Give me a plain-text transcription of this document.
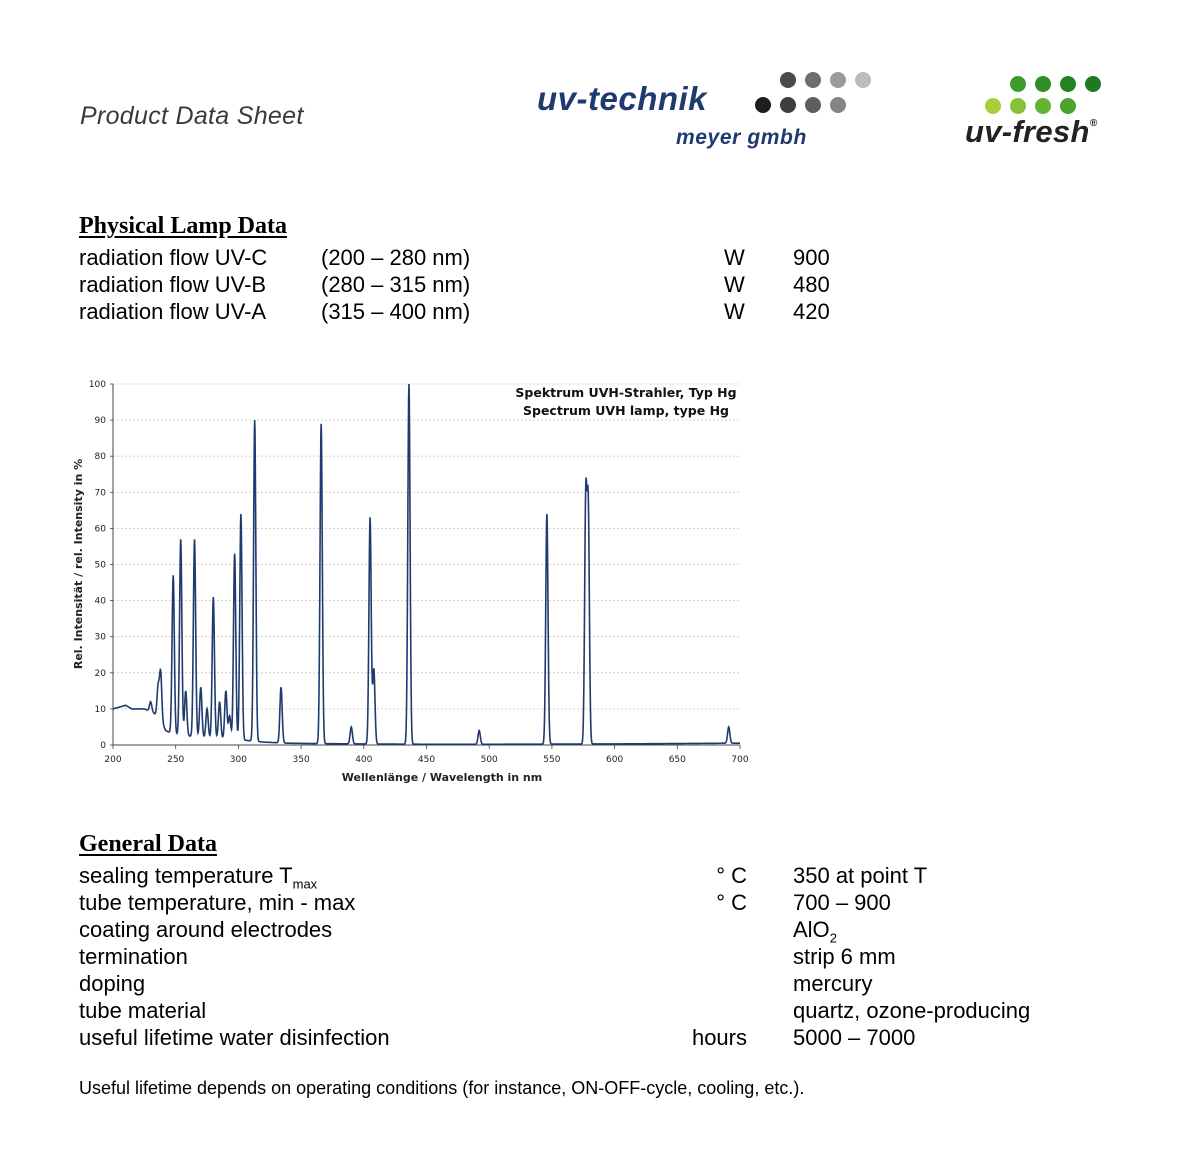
Product Data Sheet	uv-technik
meyer gmbh	uv-fresh®
Physical Lamp Data
radiation flow UV-C (200 – 280 nm)	W 900
radiation flow UV-B (280 – 315 nm)	W 480
radiation flow UV-A (315 – 400 nm)	W 420
0
10
20
30
40
50
60
70
80
90
100
200	250	300	350	400	450	500	550	600	650	700
Spektrum UVH-Strahler, Typ Hg
Spectrum UVH lamp, type Hg
Wellenlänge / Wavelength in nm
Rel. Intensität / rel. Intensity in %
General Data
sealing temperature $T_{max}$	° C 350 at point T
tube temperature, min - max	° C 700 – 900
coating around electrodes	AlO$_2$
termination	strip 6 mm
doping	mercury
tube material	quartz, ozone-producing
useful lifetime water disinfection	hours 5000 – 7000
Useful lifetime depends on operating conditions (for instance, ON-OFF-cycle, cooling, etc.).
